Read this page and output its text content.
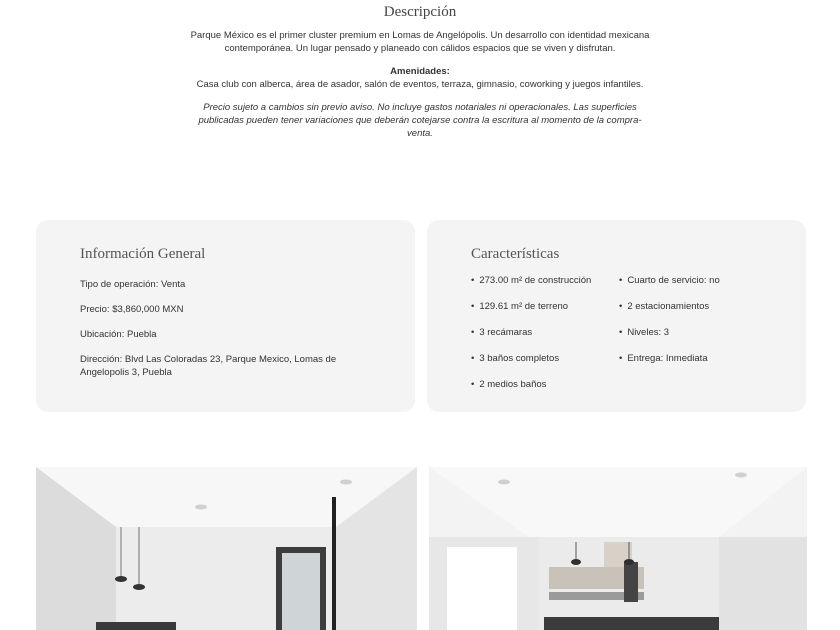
Descripción

Parque México es el primer cluster premium en Lomas de Angelópolis. Un desarrollo con identidad mexicana contemporánea. Un lugar pensado y planeado con cálidos espacios que se viven y disfrutan.

Amenidades:

Casa club con alberca, área de asador, salón de eventos, terraza, gimnasio, coworking y juegos infantiles.

Precio sujeto a cambios sin previo aviso. No incluye gastos notariales ni operacionales. Las superficies publicadas pueden tener variaciones que deberán cotejarse contra la escritura al momento de la compra-venta.

Información General
Tipo de operación: Venta
Precio: $3,860,000 MXN
Ubicación: Puebla
Dirección: Blvd Las Coloradas 23, Parque Mexico, Lomas de Angelopolis 3, Puebla
Características
• 273.00 m² de construcción
• 129.61 m² de terreno
• 3 recámaras
• 3 baños completos
• 2 medios baños
• Cuarto de servicio: no
• 2 estacionamientos
• Niveles: 3
• Entrega: Inmediata
